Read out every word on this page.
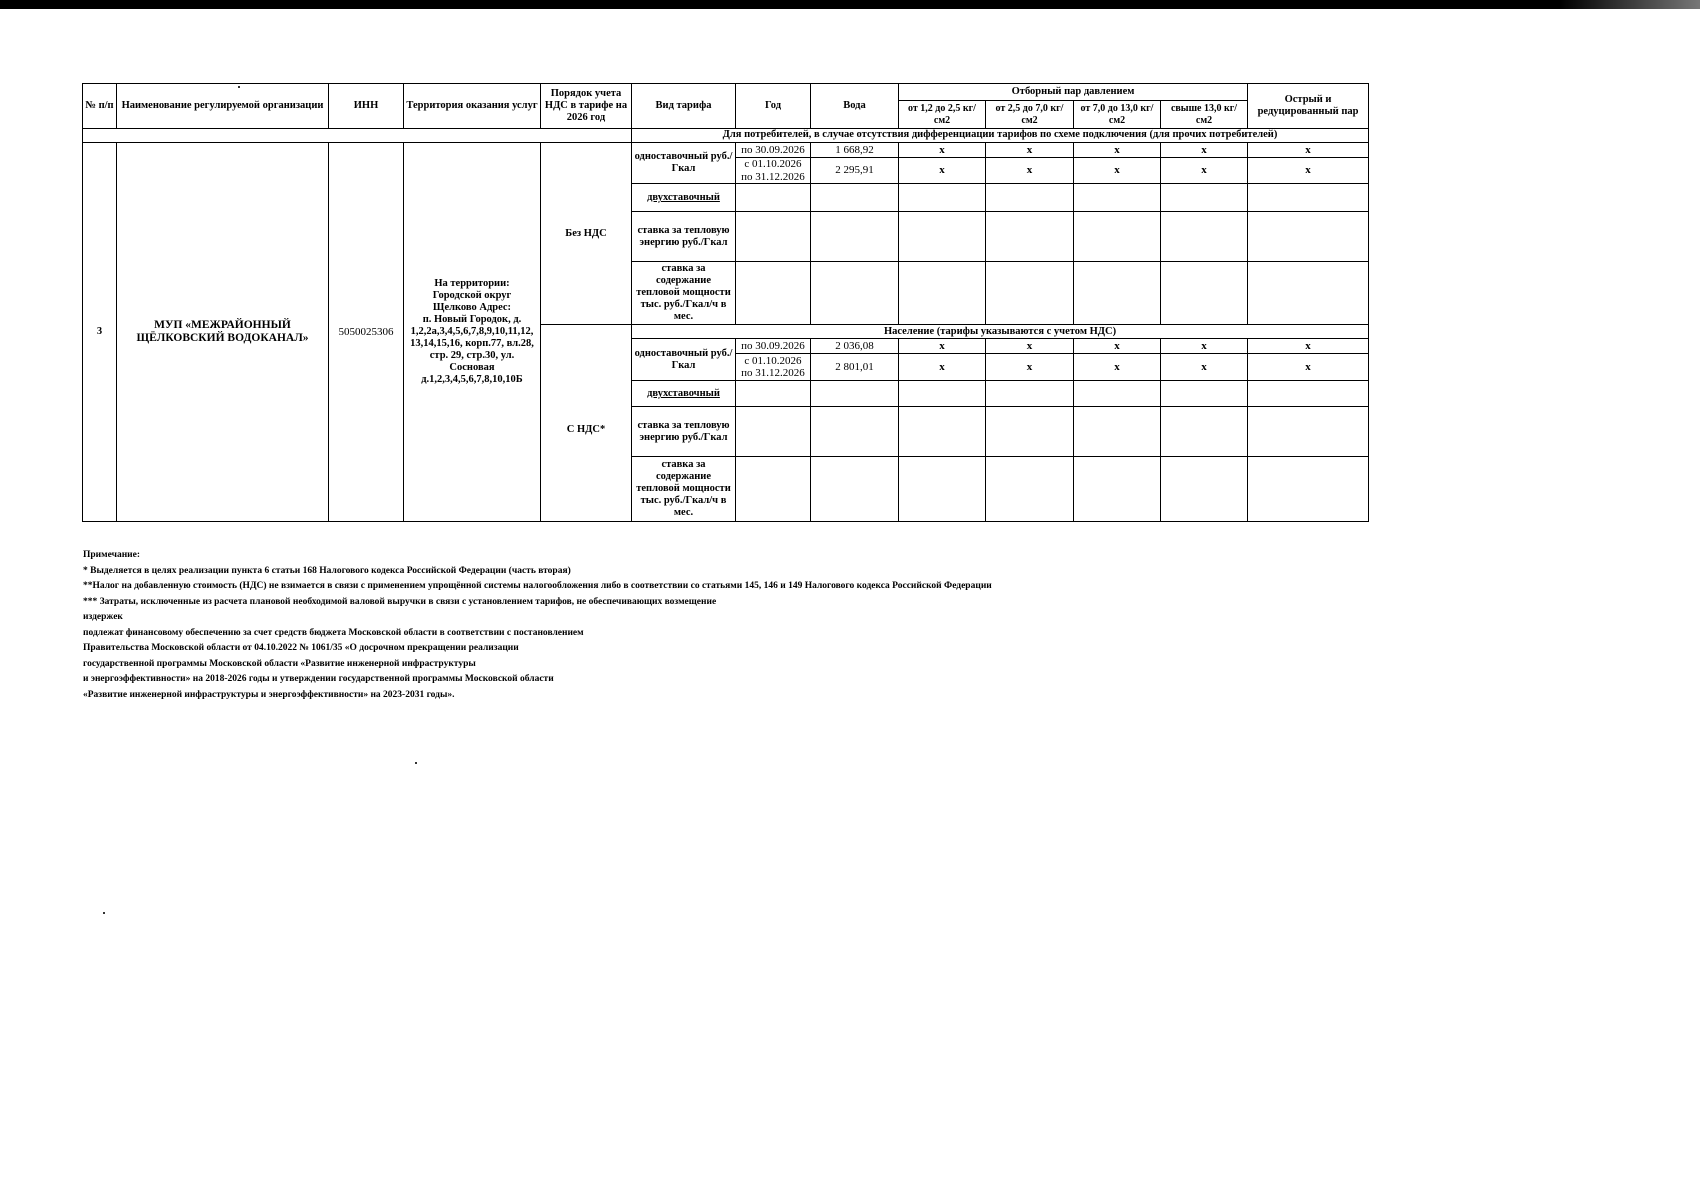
№ п/п	Наименование регулируемой организации	ИНН	Территория оказания услуг	Порядок учета НДС в тарифе на 2026 год	Вид тарифа	Год	Вода	Отборный пар давлением				Острый и редуцированный пар
								от 1,2 до 2,5 кг/см2	от 2,5 до 7,0 кг/см2	от 7,0 до 13,0 кг/см2	свыше 13,0 кг/см2	
					Для потребителей, в случае отсутствия дифференциации тарифов по схеме подключения (для прочих потребителей)							
3	МУП «МЕЖРАЙОННЫЙ ЩЁЛКОВСКИЙ ВОДОКАНАЛ»	5050025306	На территории: Городской округ Щелково Адрес:
п. Новый Городок, д. 1,2,2а,3,4,5,6,7,8,9,10,11,12, 13,14,15,16, корп.77, вл.28, стр. 29, стр.30, ул. Сосновая д.1,2,3,4,5,6,7,8,10,10Б	Без НДС	одноставочный руб./Гкал	по 30.09.2026	1 668,92	x	x	x	x	x
						с 01.10.2026 по 31.12.2026	2 295,91	x	x	x	x	x
					двухставочный							
					ставка за тепловую энергию руб./Гкал							
					ставка за содержание тепловой мощности тыс. руб./Гкал/ч в мес.							
					Население (тарифы указываются с учетом НДС)							
				С НДС*	одноставочный руб./Гкал	по 30.09.2026	2 036,08	x	x	x	x	x
						с 01.10.2026 по 31.12.2026	2 801,01	x	x	x	x	x
					двухставочный							
					ставка за тепловую энергию руб./Гкал							
					ставка за содержание тепловой мощности тыс. руб./Гкал/ч в мес.							
Примечание:
* Выделяется в целях реализации пункта 6 статьи 168 Налогового кодекса Российской Федерации (часть вторая)
**Налог на добавленную стоимость (НДС) не взимается в связи с применением упрощённой системы налогообложения либо в соответствии со статьями 145, 146 и 149 Налогового кодекса Российской Федерации
*** Затраты, исключенные из расчета плановой необходимой валовой выручки в связи с установлением тарифов, не обеспечивающих возмещение
издержек
подлежат финансовому обеспечению за счет средств бюджета Московской области в соответствии с постановлением
Правительства Московской области от 04.10.2022 № 1061/35 «О досрочном прекращении реализации
государственной программы Московской области «Развитие инженерной инфраструктуры
и энергоэффективности» на 2018-2026 годы и утверждении государственной программы Московской области
«Развитие инженерной инфраструктуры и энергоэффективности» на 2023-2031 годы».
